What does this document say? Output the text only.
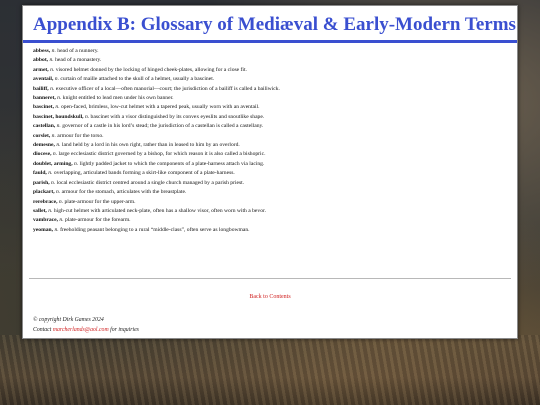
Appendix B: Glossary of Mediæval & Early-Modern Terms
abbess, n. head of a nunnery.
abbot, n. head of a monastery.
armet, n. visored helmet donned by the locking of hinged cheek-plates, allowing for a close fit.
aventail, n. curtain of maille attached to the skull of a helmet, usually a bascinet.
bailiff, n. executive officer of a local—often manorial—court; the jurisdiction of a bailiff is called a bailiwick.
banneret, n. knight entitled to lead men under his own banner.
bascinet, n. open-faced, brimless, low-cut helmet with a tapered peak, usually worn with an aventail.
bascinet, houndskull, n. bascinet with a visor distinguished by its convex eyeslits and snoutlike shape.
castellan, n. governor of a castle in his lord’s stead; the jurisdiction of a castellan is called a castellany.
corslet, n. armour for the torso.
demesne, n. land held by a lord in his own right, rather than in leased to him by an overlord.
diocese, n. large ecclesiastic district governed by a bishop, for which reason it is also called a bishopric.
doublet, arming, n. lightly padded jacket to which the components of a plate-harness attach via lacing.
fauld, n. overlapping, articulated bands forming a skirt-like component of a plate-harness.
parish, n. local ecclesiastic district centred around a single church managed by a parish priest.
plackart, n. armour for the stomach, articulates with the breastplate.
rerebrace, n. plate-armour for the upper-arm.
sallet, n. high-cut helmet with articulated neck-plate, often has a shallow visor, often worn with a bevor.
vambrace, n. plate-armour for the forearm.
yeoman, n. freeholding peasant belonging to a rural “middle-class”, often serve as longbowman.
Back to Contents
© copyright Dirk Games 2024
Contact marcherlands@aol.com for inquiries
